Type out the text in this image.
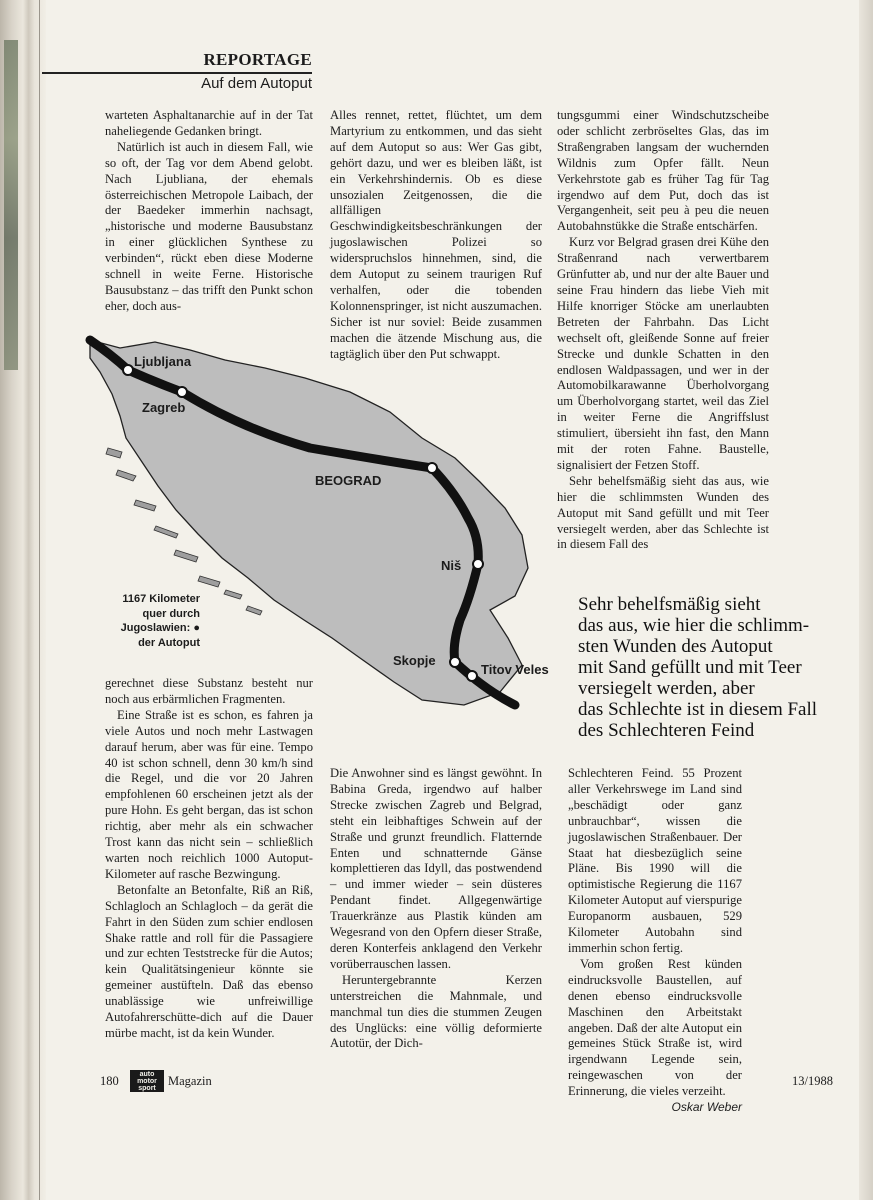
REPORTAGE
Auf dem Autoput

warteten Asphaltanarchie auf in der Tat naheliegende Gedanken bringt.

Natürlich ist auch in diesem Fall, wie so oft, der Tag vor dem Abend gelobt. Nach Ljubliana, der ehemals österreichischen Metropole Laibach, der der Baedeker immerhin nachsagt, „historische und moderne Bausubstanz in einer glücklichen Synthese zu verbinden“, rückt eben diese Moderne schnell in weite Ferne. Historische Bausubstanz – das trifft den Punkt schon eher, doch aus-

Alles rennet, rettet, flüchtet, um dem Martyrium zu entkommen, und das sieht auf dem Autoput so aus: Wer Gas gibt, gehört dazu, und wer es bleiben läßt, ist ein Verkehrshindernis. Ob es diese unsozialen Zeitgenossen, die die allfälligen Geschwindigkeitsbeschränkungen der jugoslawischen Polizei so widerspruchslos hinnehmen, sind, die dem Autoput zu seinem traurigen Ruf verhalfen, oder die tobenden Kolonnenspringer, ist nicht auszumachen. Sicher ist nur soviel: Beide zusammen machen die ätzende Mischung aus, die tagtäglich über den Put schwappt.

tungsgummi einer Windschutzscheibe oder schlicht zerbröseltes Glas, das im Straßengraben langsam der wuchernden Wildnis zum Opfer fällt. Neun Verkehrstote gab es früher Tag für Tag irgendwo auf dem Put, doch das ist Vergangenheit, seit peu à peu die neuen Autobahnstükke die Straße entschärfen.

Kurz vor Belgrad grasen drei Kühe den Straßenrand nach verwertbarem Grünfutter ab, und nur der alte Bauer und seine Frau hindern das liebe Vieh mit Hilfe knorriger Stöcke am unerlaubten Betreten der Fahrbahn. Das Licht wechselt oft, gleißende Sonne auf freier Strecke und dunkle Schatten in den endlosen Waldpassagen, und wer in der Automobilkarawanne Überholvorgang um Überholvorgang startet, weil das Ziel in weiter Ferne die Angriffslust stimuliert, übersieht ihn fast, den Mann mit der roten Fahne. Baustelle, signalisiert der Fetzen Stoff.

Sehr behelfsmäßig sieht das aus, wie hier die schlimmsten Wunden des Autoput mit Sand gefüllt und mit Teer versiegelt werden, aber das Schlechte ist in diesem Fall des

Ljubljana
Zagreb
BEOGRAD
Niš
Skopje
Titov Veles
1167 Kilometer
quer durch
Jugoslawien: ●
der Autoput
Sehr behelfsmäßig sieht
das aus, wie hier die schlimm-
sten Wunden des Autoput
mit Sand gefüllt und mit Teer
versiegelt werden, aber
das Schlechte ist in diesem Fall
des Schlechteren Feind

gerechnet diese Substanz besteht nur noch aus erbärmlichen Fragmenten.

Eine Straße ist es schon, es fahren ja viele Autos und noch mehr Lastwagen darauf herum, aber was für eine. Tempo 40 ist schon schnell, denn 30 km/h sind die Regel, und die vor 20 Jahren empfohlenen 60 erscheinen jetzt als der pure Hohn. Es geht bergan, das ist schon richtig, aber mehr als ein schwacher Trost kann das nicht sein – schließlich warten noch reichlich 1000 Autoput-Kilometer auf rasche Bezwingung.

Betonfalte an Betonfalte, Riß an Riß, Schlagloch an Schlagloch – da gerät die Fahrt in den Süden zum schier endlosen Shake rattle and roll für die Passagiere und zur echten Teststrecke für die Autos; kein Qualitätsingenieur könnte sie gemeiner austüfteln. Daß das ebenso unablässige wie unfreiwillige Autofahrerschütte-dich auf die Dauer mürbe macht, ist da kein Wunder.

Die Anwohner sind es längst gewöhnt. In Babina Greda, irgendwo auf halber Strecke zwischen Zagreb und Belgrad, steht ein leibhaftiges Schwein auf der Straße und grunzt freundlich. Flatternde Enten und schnatternde Gänse komplettieren das Idyll, das postwendend – und immer wieder – sein düsteres Pendant findet. Allgegenwärtige Trauerkränze aus Plastik künden am Wegesrand von den Opfern dieser Straße, deren Konterfeis anklagend den Verkehr vorüberrauschen lassen.

Heruntergebrannte Kerzen unterstreichen die Mahnmale, und manchmal tun dies die stummen Zeugen des Unglücks: eine völlig deformierte Autotür, der Dich-

Schlechteren Feind. 55 Prozent aller Verkehrswege im Land sind „beschädigt oder ganz unbrauchbar“, wissen die jugoslawischen Straßenbauer. Der Staat hat diesbezüglich seine Pläne. Bis 1990 will die optimistische Regierung die 1167 Kilometer Autoput auf vierspurige Europanorm ausbauen, 529 Kilometer Autobahn sind immerhin schon fertig.

Vom großen Rest künden eindrucksvolle Baustellen, auf denen ebenso eindrucksvolle Maschinen den Arbeitstakt angeben. Daß der alte Autoput ein gemeines Stück Straße ist, wird irgendwann Legende sein, reingewaschen von der Erinnerung, die vieles verzeiht.

Oskar Weber
180	auto motor sport
Magazin	13/1988
